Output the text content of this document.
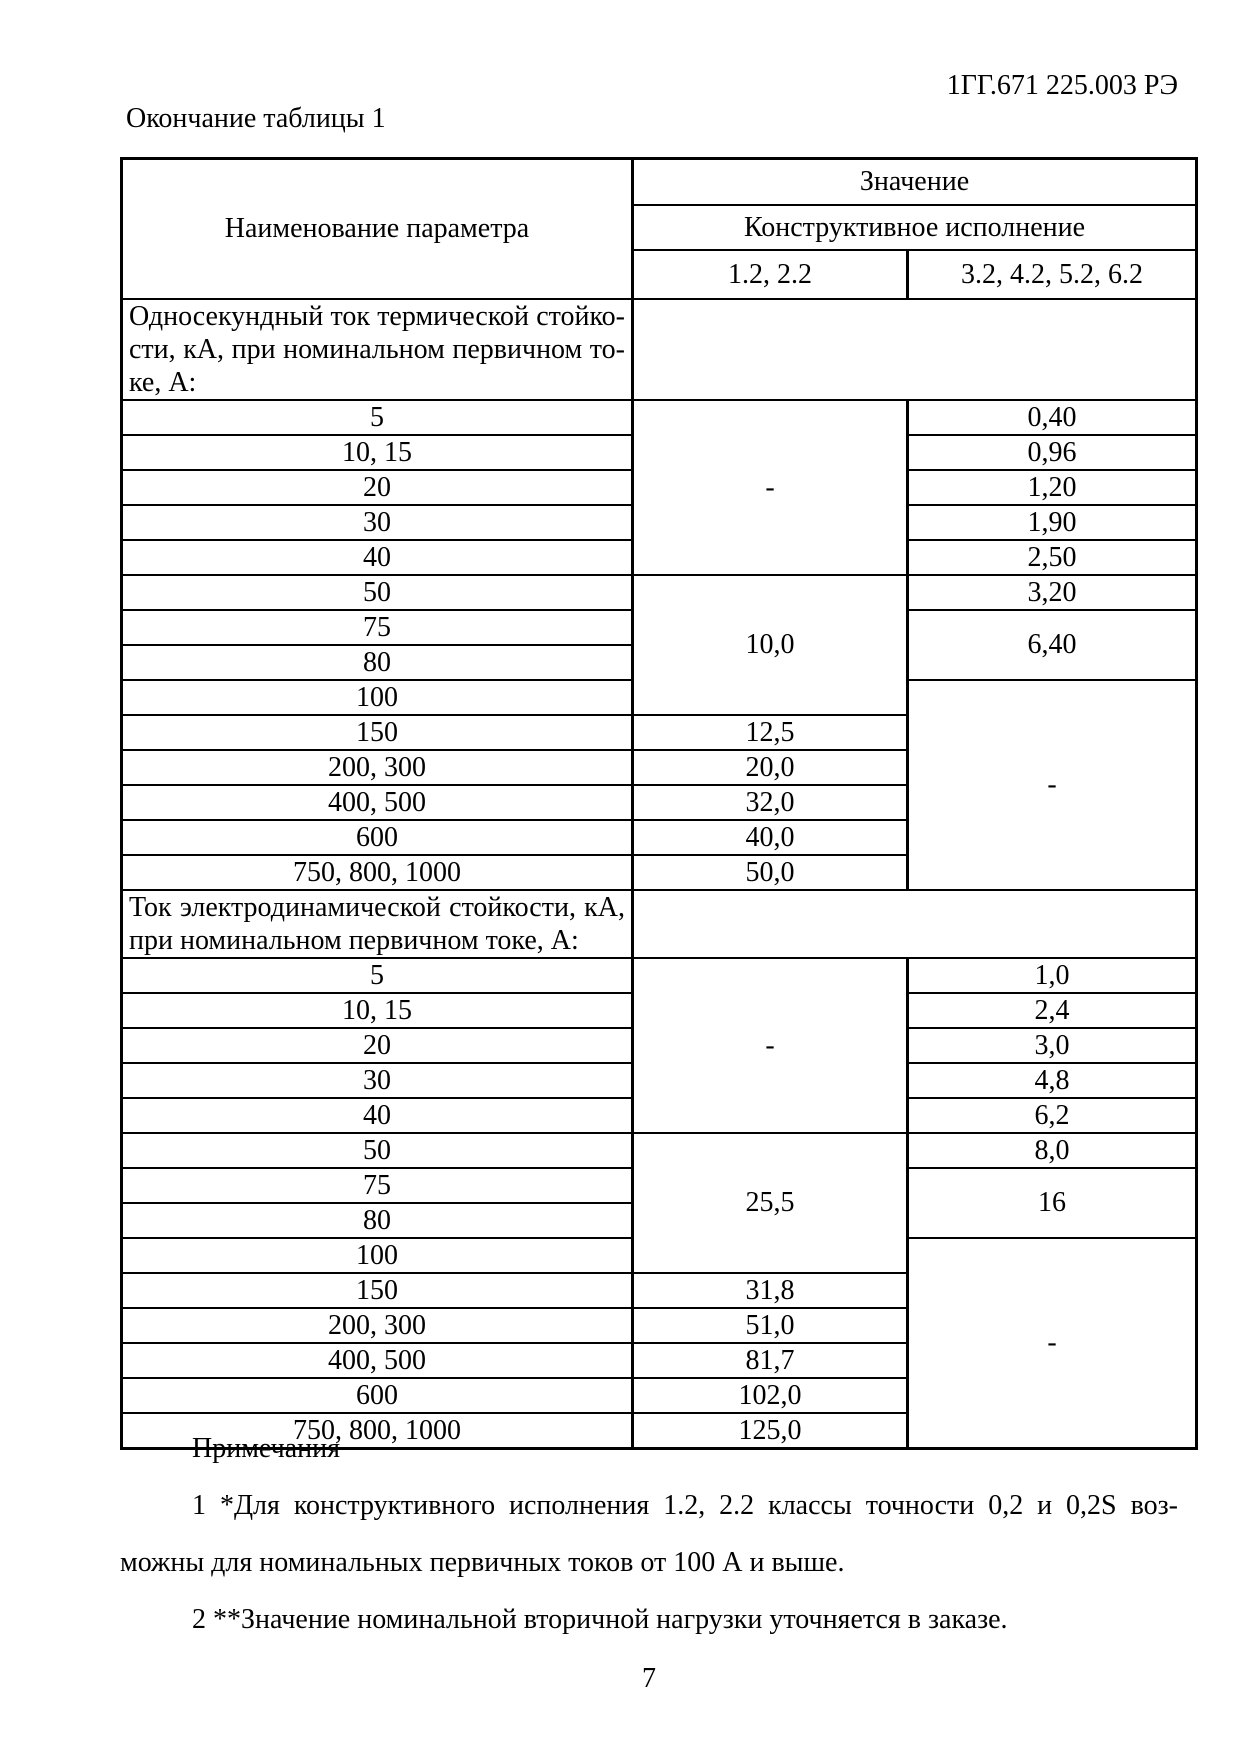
1ГГ.671 225.003 РЭ
Окончание таблицы 1
Наименование параметра	Значение	
	Конструктивное исполнение	
	1.2, 2.2	3.2, 4.2, 5.2, 6.2

Односекундный ток термической стойко-
сти, кА, при номинальном первичном то-
ке, А:		

5	-	0,40
10, 15		0,96
20		1,20
30		1,90
40		2,50
50	10,0	3,20
75		6,40
80		
100		-
150	12,5	
200, 300	20,0	
400, 500	32,0	
600	40,0	
750, 800, 1000	50,0	

Ток электродинамической стойкости, кА,
при номинальном первичном токе, А:		

5	-	1,0
10, 15		2,4
20		3,0
30		4,8
40		6,2
50	25,5	8,0
75		16
80		
100		-
150	31,8	
200, 300	51,0	
400, 500	81,7	
600	102,0	
750, 800, 1000	125,0	
Примечания
1 *Для конструктивного исполнения 1.2, 2.2 классы точности 0,2 и 0,2S воз-
можны для номинальных первичных токов от 100 А и выше.
2 **Значение номинальной вторичной нагрузки уточняется в заказе.
7
